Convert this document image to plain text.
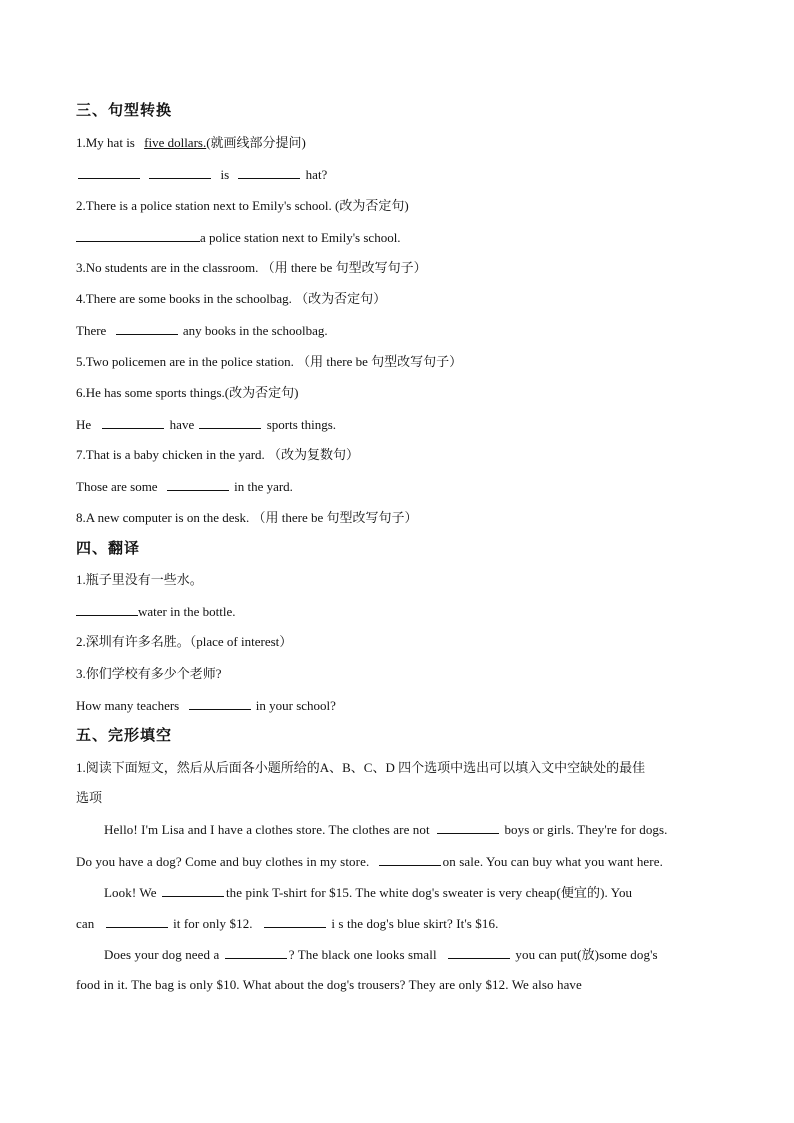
三、句型转换
1.My hat is five dollars.(就画线部分提问)
is	hat?
2.There is a police station next to Emily's school. (改为否定句)
a police station next to Emily's school.
3.No students are in the classroom. （用 there be 句型改写句子）
4.There are some books in the schoolbag. （改为否定句）
There	any books in the schoolbag.
5.Two policemen are in the police station. （用 there be 句型改写句子）
6.He has some sports things.(改为否定句)
He	have	sports things.
7.That is a baby chicken in the yard. （改为复数句）
Those are some	in the yard.
8.A new computer is on the desk. （用 there be 句型改写句子）
四、翻译
1.瓶子里没有一些水。
water in the bottle.
2.深圳有许多名胜。（place of interest）
3.你们学校有多少个老师?
How many teachers	in your school?
五、完形填空
1.阅读下面短文，然后从后面各小题所给的A、B、C、D 四个选项中选出可以填入文中空缺处的最佳
选项
Hello! I'm Lisa and I have a clothes store. The clothes are not	boys or girls. They're for dogs.
Do you have a dog? Come and buy clothes in my store.	on sale. You can buy what you want here.
Look! We	the pink T-shirt for $15. The white dog's sweater is very cheap(便宜的). You
can	it for only $12.	i s the dog's blue skirt? It's $16.
Does your dog need a	? The black one looks small	you can put(放)some dog's
food in it. The bag is only $10. What about the dog's trousers? They are only $12. We also have
